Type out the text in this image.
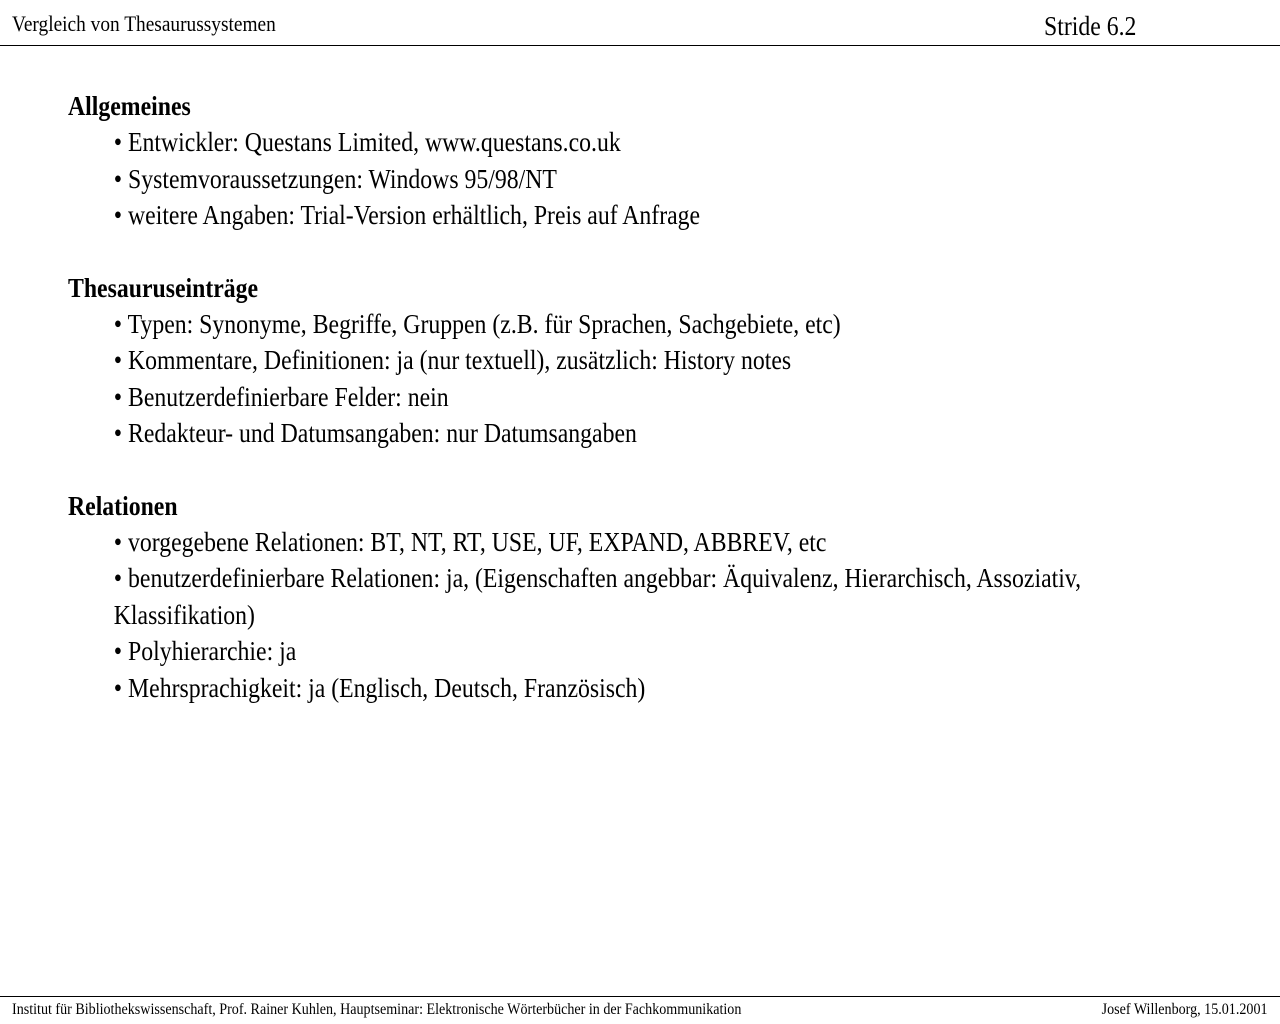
Vergleich von Thesaurussystemen	Stride 6.2
Allgemeines
• Entwickler: Questans Limited, www.questans.co.uk
• Systemvoraussetzungen: Windows 95/98/NT
• weitere Angaben: Trial-Version erhältlich, Preis auf Anfrage
Thesauruseinträge
• Typen: Synonyme, Begriffe, Gruppen (z.B. für Sprachen, Sachgebiete, etc)
• Kommentare, Definitionen: ja (nur textuell), zusätzlich: History notes
• Benutzerdefinierbare Felder: nein
• Redakteur- und Datumsangaben: nur Datumsangaben
Relationen
• vorgegebene Relationen: BT, NT, RT, USE, UF, EXPAND, ABBREV, etc
• benutzerdefinierbare Relationen: ja, (Eigenschaften angebbar: Äquivalenz, Hierarchisch, Assoziativ, Klassifikation)
• Polyhierarchie: ja
• Mehrsprachigkeit: ja (Englisch, Deutsch, Französisch)
Institut für Bibliothekswissenschaft, Prof. Rainer Kuhlen, Hauptseminar: Elektronische Wörterbücher in der Fachkommunikation	Josef Willenborg, 15.01.2001
